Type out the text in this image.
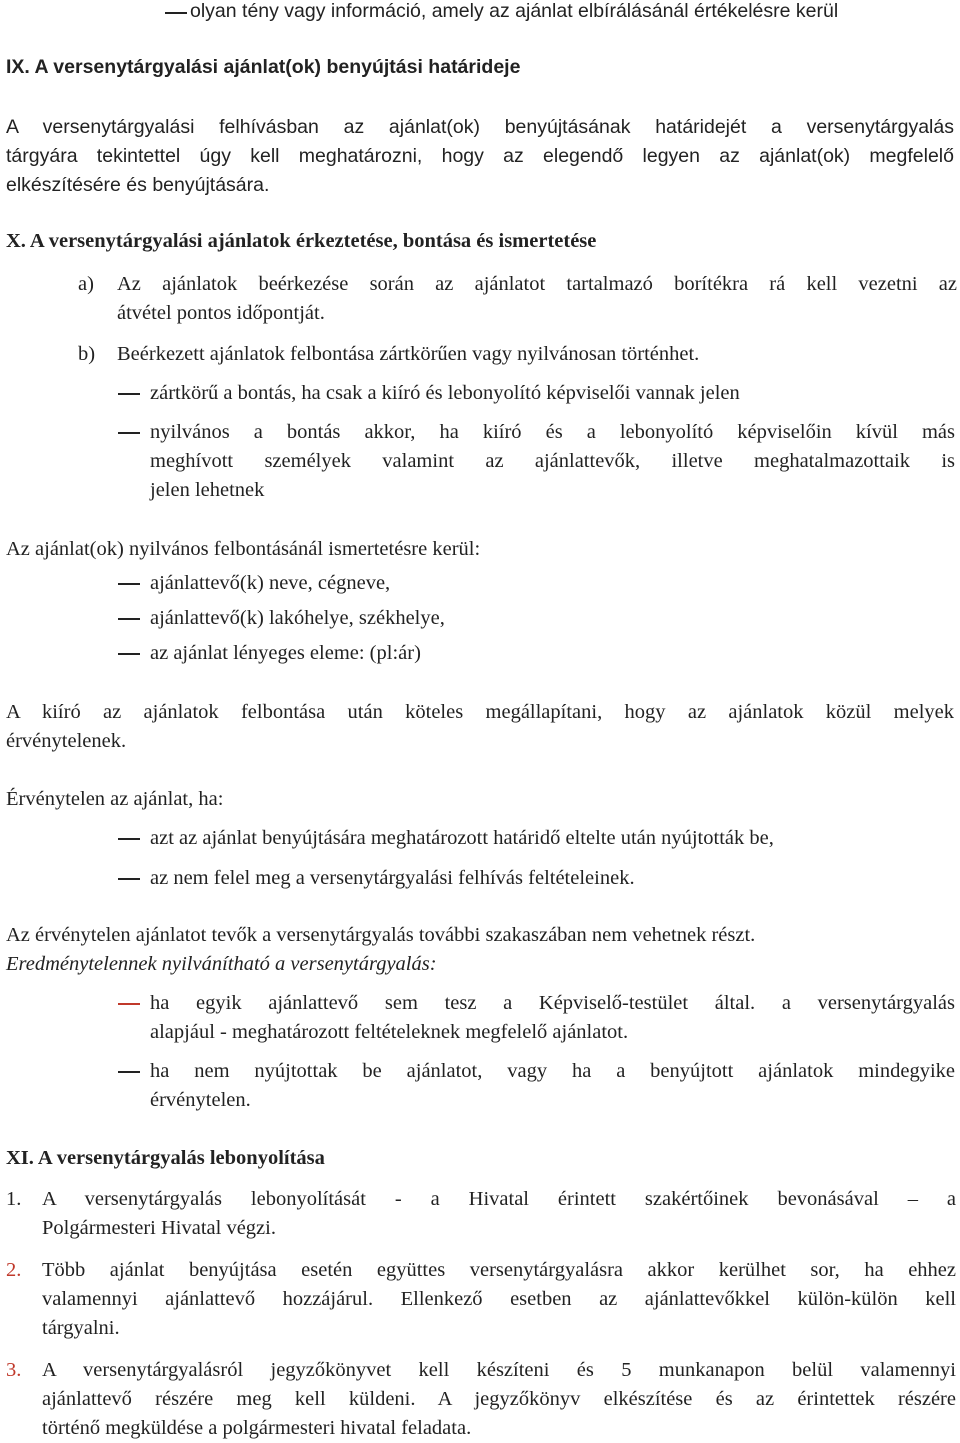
olyan tény vagy információ, amely az ajánlat elbírálásánál értékelésre kerül
IX. A versenytárgyalási ajánlat(ok) benyújtási határideje
A versenytárgyalási felhívásban az ajánlat(ok) benyújtásának határidejét a versenytárgyalás
tárgyára tekintettel úgy kell meghatározni, hogy az elegendő legyen az ajánlat(ok) megfelelő
elkészítésére és benyújtására.
X. A versenytárgyalási ajánlatok érkeztetése, bontása és ismertetése
a) Az ajánlatok beérkezése során az ajánlatot tartalmazó borítékra rá kell vezetni az
átvétel pontos időpontját.
b) Beérkezett ajánlatok felbontása zártkörűen vagy nyilvánosan történhet.
zártkörű a bontás, ha csak a kiíró és lebonyolító képviselői vannak jelen
nyilvános a bontás akkor, ha kiíró és a lebonyolító képviselőin kívül más
meghívott személyek valamint az ajánlattevők, illetve meghatalmazottaik is
jelen lehetnek
Az ajánlat(ok) nyilvános felbontásánál ismertetésre kerül:
ajánlattevő(k) neve, cégneve,
ajánlattevő(k) lakóhelye, székhelye,
az ajánlat lényeges eleme: (pl:ár)
A kiíró az ajánlatok felbontása után köteles megállapítani, hogy az ajánlatok közül melyek
érvénytelenek.
Érvénytelen az ajánlat, ha:
azt az ajánlat benyújtására meghatározott határidő eltelte után nyújtották be,
az nem felel meg a versenytárgyalási felhívás feltételeinek.
Az érvénytelen ajánlatot tevők a versenytárgyalás további szakaszában nem vehetnek részt.
Eredménytelennek nyilvánítható a versenytárgyalás:
ha egyik ajánlattevő sem tesz a Képviselő-testület által. a versenytárgyalás
alapjául - meghatározott feltételeknek megfelelő ajánlatot.
ha nem nyújtottak be ajánlatot, vagy ha a benyújtott ajánlatok mindegyike
érvénytelen.
XI. A versenytárgyalás lebonyolítása
1. A versenytárgyalás lebonyolítását - a Hivatal érintett szakértőinek bevonásával – a
Polgármesteri Hivatal végzi.
2. Több ajánlat benyújtása esetén együttes versenytárgyalásra akkor kerülhet sor, ha ehhez
valamennyi ajánlattevő hozzájárul. Ellenkező esetben az ajánlattevőkkel külön-külön kell
tárgyalni.
3. A versenytárgyalásról jegyzőkönyvet kell készíteni és 5 munkanapon belül valamennyi
ajánlattevő részére meg kell küldeni. A jegyzőkönyv elkészítése és az érintettek részére
történő megküldése a polgármesteri hivatal feladata.
